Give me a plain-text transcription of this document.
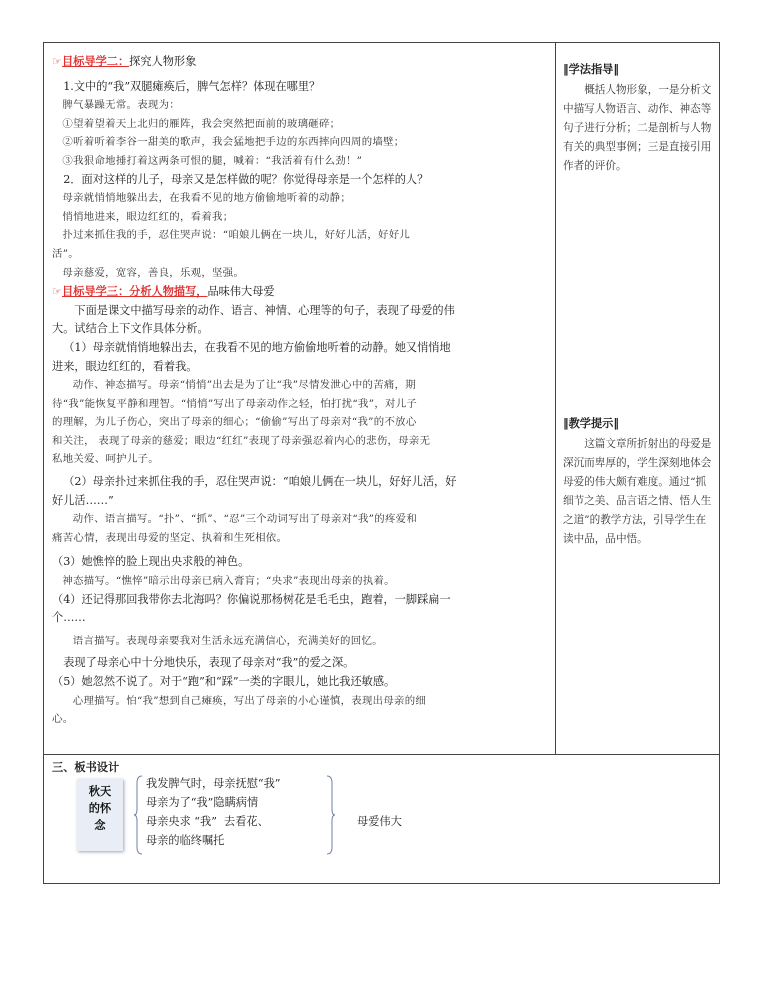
☞目标导学二：探究人物形象

1.文中的“我”双腿瘫痪后，脾气怎样？体现在哪里？

脾气暴躁无常。表现为：

①望着望着天上北归的雁阵，我会突然把面前的玻璃砸碎；

②听着听着李谷一甜美的歌声，我会猛地把手边的东西摔向四周的墙壁；

③我狠命地捶打着这两条可恨的腿，喊着：“我活着有什么劲！”

2．面对这样的儿子，母亲又是怎样做的呢？你觉得母亲是一个怎样的人？

母亲就悄悄地躲出去，在我看不见的地方偷偷地听着的动静；

悄悄地进来，眼边红红的，看着我；

扑过来抓住我的手，忍住哭声说：“咱娘儿俩在一块儿，好好儿活，好好儿

活”。

母亲慈爱，宽容，善良，乐观，坚强。

☞目标导学三：分析人物描写，品味伟大母爱

下面是课文中描写母亲的动作、语言、神情、心理等的句子，表现了母爱的伟

大。试结合上下文作具体分析。

（1）母亲就悄悄地躲出去，在我看不见的地方偷偷地听着的动静。她又悄悄地

进来，眼边红红的，看着我。

动作、神态描写。母亲“悄悄”出去是为了让“我”尽情发泄心中的苦痛，期

待“我”能恢复平静和理智。“悄悄”写出了母亲动作之轻，怕打扰“我”，对儿子

的理解，为儿子伤心，突出了母亲的细心；“偷偷”写出了母亲对“我”的不放心

和关注， 表现了母亲的慈爱；眼边“红红”表现了母亲强忍着内心的悲伤，母亲无

私地关爱、呵护儿子。

（2）母亲扑过来抓住我的手，忍住哭声说：“咱娘儿俩在一块儿，好好儿活，好

好儿活……”

动作、语言描写。“扑”、“抓”、“忍”三个动词写出了母亲对“我”的疼爱和

痛苦心情，表现出母爱的坚定、执着和生死相依。

（3）她憔悴的脸上现出央求般的神色。

神态描写。“憔悴”暗示出母亲已病入膏肓；“央求”表现出母亲的执着。

（4）还记得那回我带你去北海吗？你偏说那杨树花是毛毛虫，跑着，一脚踩扁一

个……

语言描写。表现母亲要我对生活永远充满信心，充满美好的回忆。

表现了母亲心中十分地快乐，表现了母亲对“我”的爱之深。

（5）她忽然不说了。对于“跑”和“踩”一类的字眼儿，她比我还敏感。

心理描写。怕“我”想到自己瘫痪，写出了母亲的小心谨慎，表现出母亲的细

心。

‖学法指导‖

概括人物形象，一是分析文中描写人物语言、动作、神态等句子进行分析；二是剖析与人物有关的典型事例；三是直接引用作者的评价。

‖教学提示‖

这篇文章所折射出的母爱是深沉而卑厚的，学生深刻地体会母爱的伟大颇有难度。通过“抓细节之美、品言语之情、悟人生之道”的教学方法，引导学生在读中品，品中悟。

三、板书设计
秋天
的怀
念
我发脾气时，母亲抚慰“我”
母亲为了“我”隐瞒病情
母亲央求 “我”  去看花、
母亲的临终嘱托
母爱伟大
